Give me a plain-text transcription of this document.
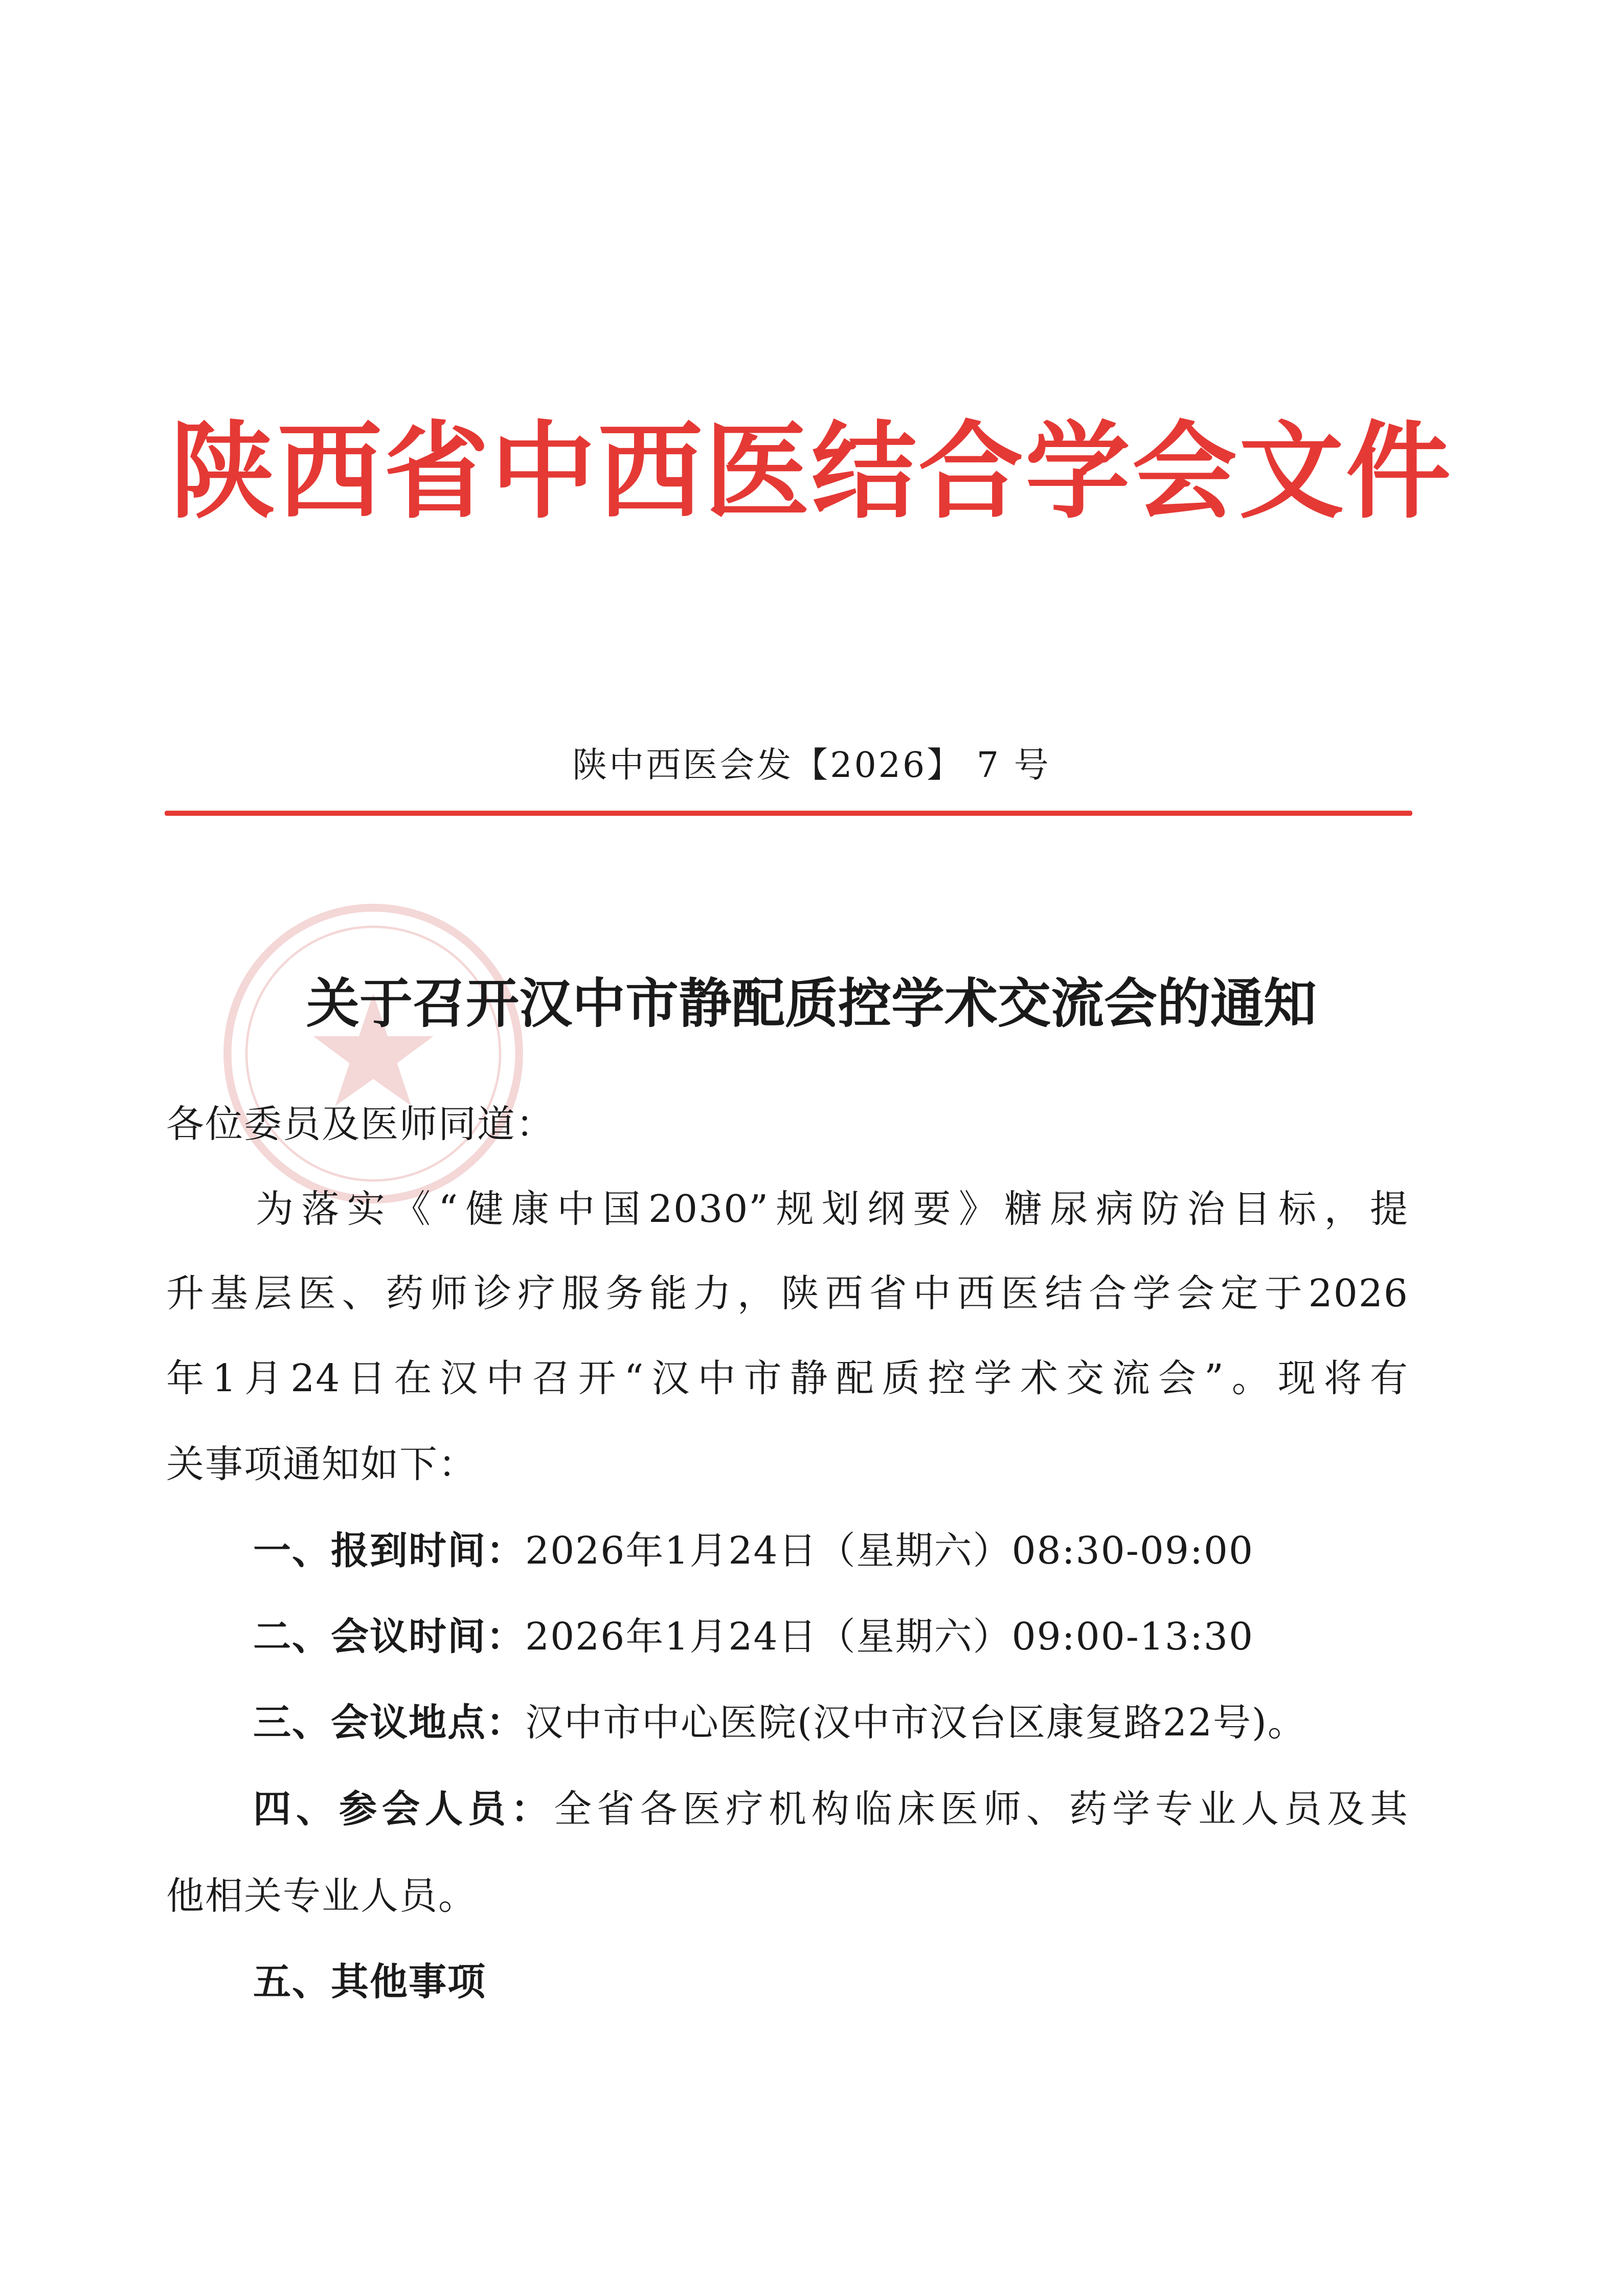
陕西省中西医结合学会文件
陕中西医会发【2026】 7 号
关于召开汉中市静配质控学术交流会的通知
各位委员及医师同道：
为落实《“健康中国2030”规划纲要》糖尿病防治目标，提
升基层医、药师诊疗服务能力，陕西省中西医结合学会定于2026
年1月24日在汉中召开“汉中市静配质控学术交流会”。现将有
关事项通知如下：
一、报到时间：2026年1月24日（星期六）08:30-09:00
二、会议时间：2026年1月24日（星期六）09:00-13:30
三、会议地点：汉中市中心医院(汉中市汉台区康复路22号)。
四、参会人员：全省各医疗机构临床医师、药学专业人员及其
他相关专业人员。
五、其他事项
